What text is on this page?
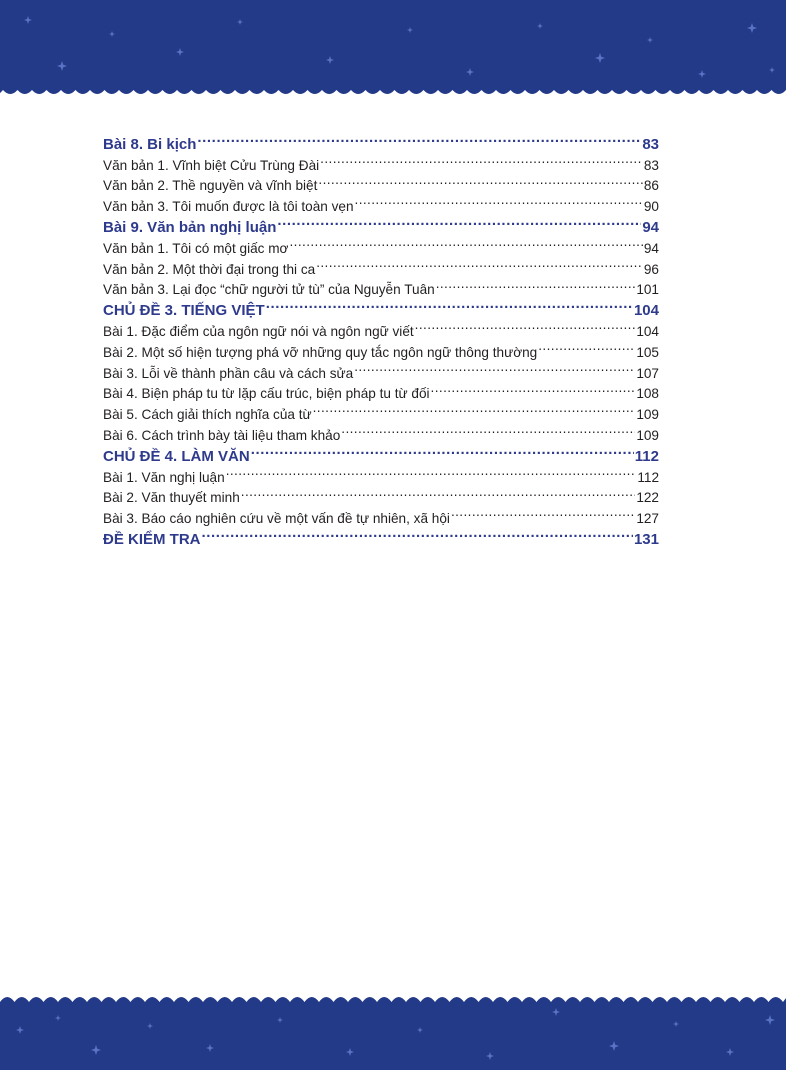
Bài 8. Bi kịch .....	83
Văn bản 1. Vĩnh biệt Cửu Trùng Đài .....	83
Văn bản 2. Thề nguyền và vĩnh biệt .....	86
Văn bản 3. Tôi muốn được là tôi toàn vẹn .....	90
Bài 9. Văn bản nghị luận .....	94
Văn bản 1. Tôi có một giấc mơ .....	94
Văn bản 2. Một thời đại trong thi ca .....	96
Văn bản 3. Lại đọc “chữ người tử tù” của Nguyễn Tuân .....	101
CHỦ ĐỀ 3. TIẾNG VIỆT .....	104
Bài 1. Đặc điểm của ngôn ngữ nói và ngôn ngữ viết .....	104
Bài 2. Một số hiện tượng phá vỡ những quy tắc ngôn ngữ thông thường .....	105
Bài 3. Lỗi về thành phần câu và cách sửa .....	107
Bài 4. Biện pháp tu từ lặp cấu trúc, biện pháp tu từ đối .....	108
Bài 5. Cách giải thích nghĩa của từ .....	109
Bài 6. Cách trình bày tài liệu tham khảo .....	109
CHỦ ĐỀ 4. LÀM VĂN .....	112
Bài 1. Văn nghị luận .....	112
Bài 2. Văn thuyết minh .....	122
Bài 3. Báo cáo nghiên cứu về một vấn đề tự nhiên, xã hội .....	127
ĐỀ KIỂM TRA .....	131
